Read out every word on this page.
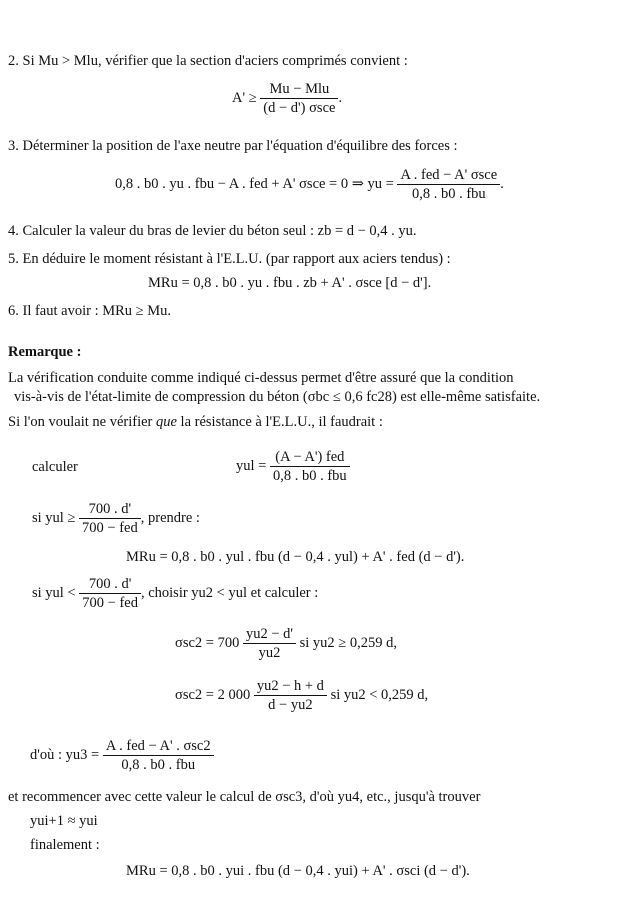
2. Si Mu > Mlu, vérifier que la section d'aciers comprimés convient :
$A' \ge \frac{\text{Mu − Mlu}}{\text{(d − d') σsce}}$ .
3. Déterminer la position de l'axe neutre par l'équation d'équilibre des forces :
0,8 . b0 . yu . fbu − A . fed + A' σsce = 0 ⇒ yu = $\frac{\text{A . fed − A' σsce}}{\text{0,8 . b0 . fbu}}$ .
4. Calculer la valeur du bras de levier du béton seul : zb = d − 0,4 . yu.
5. En déduire le moment résistant à l'E.L.U. (par rapport aux aciers tendus) :
MRu = 0,8 . b0 . yu . fbu . zb + A' . σsce [d − d'].
6. Il faut avoir : MRu ≥ Mu.
Remarque :
La vérification conduite comme indiqué ci-dessus permet d'être assuré que la condition
vis-à-vis de l'état-limite de compression du béton (σbc ≤ 0,6 fc28) est elle-même satisfaite.
Si l'on voulait ne vérifier que la résistance à l'E.L.U., il faudrait :
calculer	yul = $\frac{\text{(A − A') fed}}{\text{0,8 . b0 . fbu}}$
si yul ≥ $\frac{700 . d'}{\text{700 − fed}}$ , prendre :
MRu = 0,8 . b0 . yul . fbu (d − 0,4 . yul) + A' . fed (d − d').
si yul < $\frac{700 . d'}{\text{700 − fed}}$ , choisir yu2 < yul et calculer :
$\sigma sc2 = 700 \frac{yu2 - d'}{yu2}$ si yu2 ≥ 0,259 d,
σsc2 = 2 $000 \frac{yu2 - h + d}{d - yu2}$ si yu2 < 0,259 d,
d'où : $yu3 = \frac{\text{A . fed − A' . σsc2}}{\text{0,8 . b0 . fbu}}$
et recommencer avec cette valeur le calcul de σsc3, d'où yu4, etc., jusqu'à trouver
yui+1 ≈ yui
finalement :
MRu = 0,8 . b0 . yui . fbu (d − 0,4 . yui) + A' . σsci (d − d').
